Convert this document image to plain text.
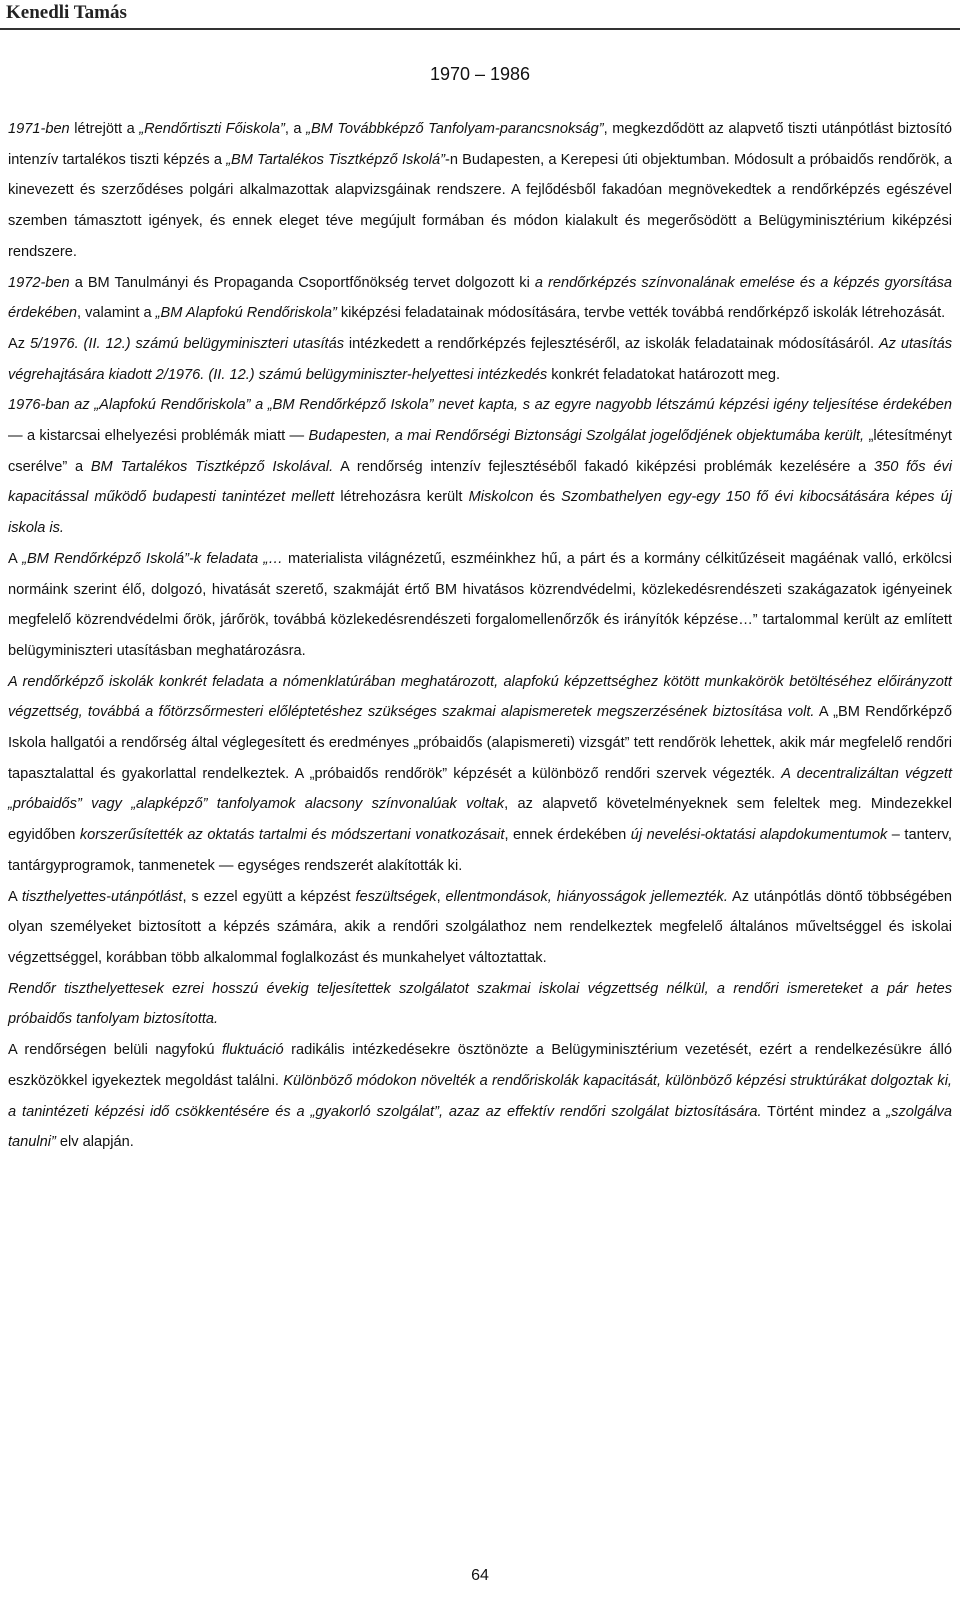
Kenedli Tamás
1970 – 1986

1971-ben létrejött a „Rendőrtiszti Főiskola”, a „BM Továbbképző Tanfolyam-parancsnokság”, megkezdődött az alapvető tiszti utánpótlást biztosító intenzív tartalékos tiszti képzés a „BM Tartalékos Tisztképző Iskolá”-n Budapesten, a Kerepesi úti objektumban. Módosult a próbaidős rendőrök, a kinevezett és szerződéses polgári alkalmazottak alapvizsgáinak rendszere. A fejlődésből fakadóan megnövekedtek a rendőrképzés egészével szemben támasztott igények, és ennek eleget téve megújult formában és módon kialakult és megerősödött a Belügyminisztérium kiképzési rendszere.

1972-ben a BM Tanulmányi és Propaganda Csoportfőnökség tervet dolgozott ki a rendőrképzés színvonalának emelése és a képzés gyorsítása érdekében, valamint a „BM Alapfokú Rendőriskola” kiképzési feladatainak módosítására, tervbe vették továbbá rendőrképző iskolák létrehozását.

Az 5/1976. (II. 12.) számú belügyminiszteri utasítás intézkedett a rendőrképzés fejlesztéséről, az iskolák feladatainak módosításáról. Az utasítás végrehajtására kiadott 2/1976. (II. 12.) számú belügyminiszter-helyettesi intézkedés konkrét feladatokat határozott meg.

1976-ban az „Alapfokú Rendőriskola” a „BM Rendőrképző Iskola” nevet kapta, s az egyre nagyobb létszámú képzési igény teljesítése érdekében — a kistarcsai elhelyezési problémák miatt — Budapesten, a mai Rendőrségi Biztonsági Szolgálat jogelődjének objektumába került, „létesítményt cserélve” a BM Tartalékos Tisztképző Iskolával. A rendőrség intenzív fejlesztéséből fakadó kiképzési problémák kezelésére a 350 fős évi kapacitással működő budapesti tanintézet mellett létrehozásra került Miskolcon és Szombathelyen egy-egy 150 fő évi kibocsátására képes új iskola is.

A „BM Rendőrképző Iskolá”-k feladata „… materialista világnézetű, eszméinkhez hű, a párt és a kormány célkitűzéseit magáénak valló, erkölcsi normáink szerint élő, dolgozó, hivatását szerető, szakmáját értő BM hivatásos közrendvédelmi, közlekedésrendészeti szakágazatok igényeinek megfelelő közrendvédelmi őrök, járőrök, továbbá közlekedésrendészeti forgalomellenőrzők és irányítók képzése…” tartalommal került az említett belügyminiszteri utasításban meghatározásra.

A rendőrképző iskolák konkrét feladata a nómenklatúrában meghatározott, alapfokú képzettséghez kötött munkakörök betöltéséhez előirányzott végzettség, továbbá a főtörzsőrmesteri előléptetéshez szükséges szakmai alapismeretek megszerzésének biztosítása volt. A „BM Rendőrképző Iskola hallgatói a rendőrség által véglegesített és eredményes „próbaidős (alapismereti) vizsgát” tett rendőrök lehettek, akik már megfelelő rendőri tapasztalattal és gyakorlattal rendelkeztek. A „próbaidős rendőrök” képzését a különböző rendőri szervek végezték. A decentralizáltan végzett „próbaidős” vagy „alapképző” tanfolyamok alacsony színvonalúak voltak, az alapvető követelményeknek sem feleltek meg. Mindezekkel egyidőben korszerűsítették az oktatás tartalmi és módszertani vonatkozásait, ennek érdekében új nevelési-oktatási alapdokumentumok – tanterv, tantárgyprogramok, tanmenetek — egységes rendszerét alakították ki.

A tiszthelyettes-utánpótlást, s ezzel együtt a képzést feszültségek, ellentmondások, hiányosságok jellemezték. Az utánpótlás döntő többségében olyan személyeket biztosított a képzés számára, akik a rendőri szolgálathoz nem rendelkeztek megfelelő általános műveltséggel és iskolai végzettséggel, korábban több alkalommal foglalkozást és munkahelyet változtattak.

Rendőr tiszthelyettesek ezrei hosszú évekig teljesítettek szolgálatot szakmai iskolai végzettség nélkül, a rendőri ismereteket a pár hetes próbaidős tanfolyam biztosította.

A rendőrségen belüli nagyfokú fluktuáció radikális intézkedésekre ösztönözte a Belügyminisztérium vezetését, ezért a rendelkezésükre álló eszközökkel igyekeztek megoldást találni. Különböző módokon növelték a rendőriskolák kapacitását, különböző képzési struktúrákat dolgoztak ki, a tanintézeti képzési idő csökkentésére és a „gyakorló szolgálat”, azaz az effektív rendőri szolgálat biztosítására. Történt mindez a „szolgálva tanulni” elv alapján.

64
